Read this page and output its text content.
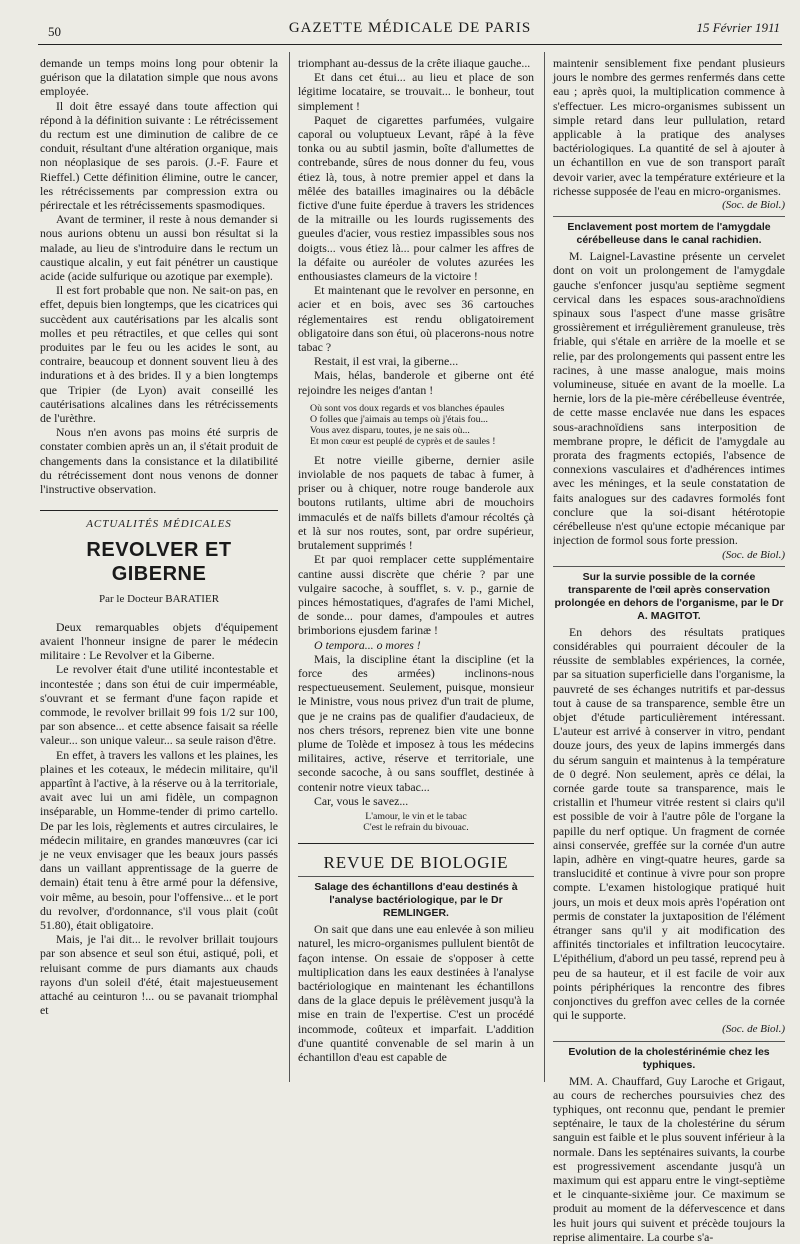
50	GAZETTE MÉDICALE DE PARIS	15 Février 1911

demande un temps moins long pour obtenir la guérison que la dilatation simple que nous avons employée.

Il doit être essayé dans toute affection qui répond à la définition suivante : Le rétrécissement du rectum est une diminution de calibre de ce conduit, résultant d'une altération organique, mais non néoplasique de ses parois. (J.-F. Faure et Rieffel.) Cette définition élimine, outre le cancer, les rétrécissements par compression extra ou périrectale et les rétrécissements spasmodiques.

Avant de terminer, il reste à nous demander si nous aurions obtenu un aussi bon résultat si la malade, au lieu de s'introduire dans le rectum un caustique alcalin, y eut fait pénétrer un caustique acide (acide sulfurique ou azotique par exemple).

Il est fort probable que non. Ne sait-on pas, en effet, depuis bien longtemps, que les cicatrices qui succèdent aux cautérisations par les alcalis sont molles et peu rétractiles, et que celles qui sont produites par le feu ou les acides le sont, au contraire, beaucoup et donnent souvent lieu à des indurations et à des brides. Il y a bien longtemps que Tripier (de Lyon) avait conseillé les cautérisations alcalines dans les rétrécissements de l'urèthre.

Nous n'en avons pas moins été surpris de constater combien après un an, il s'était produit de changements dans la consistance et la dilatibilité du rétrécissement dont nous venons de donner l'instructive observation.

ACTUALITÉS MÉDICALES
REVOLVER ET GIBERNE
Par le Docteur BARATIER

Deux remarquables objets d'équipement avaient l'honneur insigne de parer le médecin militaire : Le Revolver et la Giberne.

Le revolver était d'une utilité incontestable et incontestée ; dans son étui de cuir imperméable, s'ouvrant et se fermant d'une façon rapide et commode, le revolver brillait 99 fois 1/2 sur 100, par son absence... et cette absence faisait sa réelle valeur... son unique valeur... sa seule raison d'être.

En effet, à travers les vallons et les plaines, les plaines et les coteaux, le médecin militaire, qu'il appartînt à l'active, à la réserve ou à la territoriale, avait avec lui un ami fidèle, un compagnon inséparable, un Homme-tender di primo cartello. De par les lois, règlements et autres circulaires, le médecin militaire, en grandes manœuvres (car ici je ne veux envisager que les beaux jours passés dans un vaillant apprentissage de la guerre de demain) était tenu à être armé pour la défensive, voir même, au besoin, pour l'offensive... et le port du revolver, d'ordonnance, s'il vous plait (coût 51.80), était obligatoire.

Mais, je l'ai dit... le revolver brillait toujours par son absence et seul son étui, astiqué, poli, et reluisant comme de purs diamants aux chauds rayons d'un soleil d'été, était majestueusement attaché au ceinturon !... ou se pavanait triomphal et

triomphant au-dessus de la crête iliaque gauche...

Et dans cet étui... au lieu et place de son légitime locataire, se trouvait... le bonheur, tout simplement !

Paquet de cigarettes parfumées, vulgaire caporal ou voluptueux Levant, râpé à la fève tonka ou au subtil jasmin, boîte d'allumettes de contrebande, sûres de nous donner du feu, vous étiez là, tous, à notre premier appel et dans la mêlée des batailles imaginaires ou la débâcle fictive d'une fuite éperdue à travers les stridences de la mitraille ou les lourds rugissements des gueules d'acier, vous restiez impassibles sous nos doigts... vous étiez là... pour calmer les affres de la défaite ou auréoler de volutes azurées les enthousiastes clameurs de la victoire !

Et maintenant que le revolver en personne, en acier et en bois, avec ses 36 cartouches réglementaires est rendu obligatoirement obligatoire dans son étui, où placerons-nous notre tabac ?

Restait, il est vrai, la giberne...

Mais, hélas, banderole et giberne ont été rejoindre les neiges d'antan !

Où sont vos doux regards et vos blanches épaules
O folles que j'aimais au temps où j'étais fou...
Vous avez disparu, toutes, je ne sais où...
Et mon cœur est peuplé de cyprès et de saules !

Et notre vieille giberne, dernier asile inviolable de nos paquets de tabac à fumer, à priser ou à chiquer, notre rouge banderole aux boutons rutilants, ultime abri de mouchoirs immaculés et de naïfs billets d'amour récoltés çà et là sur nos routes, sont, par ordre supérieur, brutalement supprimés !

Et par quoi remplacer cette supplémentaire cantine aussi discrète que chérie ? par une vulgaire sacoche, à soufflet, s. v. p., garnie de pinces hémostatiques, d'agrafes de l'ami Michel, de sonde... pour dames, d'ampoules et autres brimborions ejusdem farinæ !

O tempora... o mores !

Mais, la discipline étant la discipline (et la force des armées) inclinons-nous respectueusement. Seulement, puisque, monsieur le Ministre, vous nous privez d'un trait de plume, que je ne crains pas de qualifier d'audacieux, de nos chers trésors, reprenez bien vite une bonne plume de Tolède et imposez à tous les médecins militaires, active, réserve et territoriale, une seconde sacoche, à ou sans soufflet, destinée à contenir notre vieux tabac...

Car, vous le savez...

L'amour, le vin et le tabac
C'est le refrain du bivouac.
REVUE DE BIOLOGIE
Salage des échantillons d'eau destinés à l'analyse bactériologique, par le Dr REMLINGER.

On sait que dans une eau enlevée à son milieu naturel, les micro-organismes pullulent bientôt de façon intense. On essaie de s'opposer à cette multiplication dans les eaux destinées à l'analyse bactériologique en maintenant les échantillons dans de la glace depuis le prélèvement jusqu'à la mise en train de l'expertise. C'est un procédé incommode, coûteux et imparfait. L'addition d'une quantité convenable de sel marin à un échantillon d'eau est capable de

maintenir sensiblement fixe pendant plusieurs jours le nombre des germes renfermés dans cette eau ; après quoi, la multiplication commence à s'effectuer. Les micro-organismes subissent un simple retard dans leur pullulation, retard applicable à la pratique des analyses bactériologiques. La quantité de sel à ajouter à un échantillon en vue de son transport paraît devoir varier, avec la température extérieure et la richesse supposée de l'eau en micro-organismes.

(Soc. de Biol.)
Enclavement post mortem de l'amygdale cérébelleuse dans le canal rachidien.

M. Laignel-Lavastine présente un cervelet dont on voit un prolongement de l'amygdale gauche s'enfoncer jusqu'au septième segment cervical dans les espaces sous-arachnoïdiens spinaux sous l'aspect d'une masse grisâtre grossièrement et irrégulièrement granuleuse, très friable, qui s'étale en arrière de la moelle et se relie, par des prolongements qui passent entre les racines, à une masse analogue, mais moins volumineuse, située en avant de la moelle. La hernie, lors de la pie-mère cérébelleuse éventrée, de cette masse enclavée nue dans les espaces sous-arachnoïdiens sans interposition de membrane propre, le déficit de l'amygdale au prorata des fragments ectopiés, l'absence de connexions vasculaires et d'adhérences intimes avec les méninges, et la seule constatation de faits analogues sur des cadavres formolés font conclure que la soi-disant hétérotopie cérébelleuse n'est qu'une ectopie mécanique par injection de formol sous forte pression.

(Soc. de Biol.)
Sur la survie possible de la cornée transparente de l'œil après conservation prolongée en dehors de l'organisme, par le Dr A. MAGITOT.

En dehors des résultats pratiques considérables qui pourraient découler de la réussite de semblables expériences, la cornée, par sa situation superficielle dans l'organisme, la pauvreté de ses échanges nutritifs et par-dessus tout à cause de sa transparence, semble être un objet d'étude particulièrement intéressant. L'auteur est arrivé à conserver in vitro, pendant douze jours, des yeux de lapins immergés dans du sérum sanguin et maintenus à la température de 0 degré. Non seulement, après ce délai, la cornée garde toute sa transparence, mais le cristallin et l'humeur vitrée restent si clairs qu'il est possible de voir à l'autre pôle de l'organe la papille du nerf optique. Un fragment de cornée ainsi conservée, greffée sur la cornée d'un autre lapin, adhère en vingt-quatre heures, garde sa translucidité et continue à vivre pour son propre compte. L'examen histologique pratiqué huit jours, un mois et deux mois après l'opération ont permis de constater la juxtaposition de l'élément étranger sans qu'il y ait modification des affinités tinctoriales et infiltration leucocytaire. L'épithélium, d'abord un peu tassé, reprend peu à peu de sa hauteur, et il est facile de voir aux points périphériques la rencontre des fibres conjonctives du greffon avec celles de la cornée qui le supporte.

(Soc. de Biol.)
Evolution de la cholestérinémie chez les typhiques.

MM. A. Chauffard, Guy Laroche et Grigaut, au cours de recherches poursuivies chez des typhiques, ont reconnu que, pendant le premier septénaire, le taux de la cholestérine du sérum sanguin est faible et le plus souvent inférieur à la normale. Dans les septénaires suivants, la courbe est progressivement ascendante jusqu'à un maximum qui est apparu entre le vingt-septième et le cinquante-sixième jour. Ce maximum se produit au moment de la défervescence et dans les huit jours qui suivent et précède toujours la reprise alimentaire. La courbe s'a-
